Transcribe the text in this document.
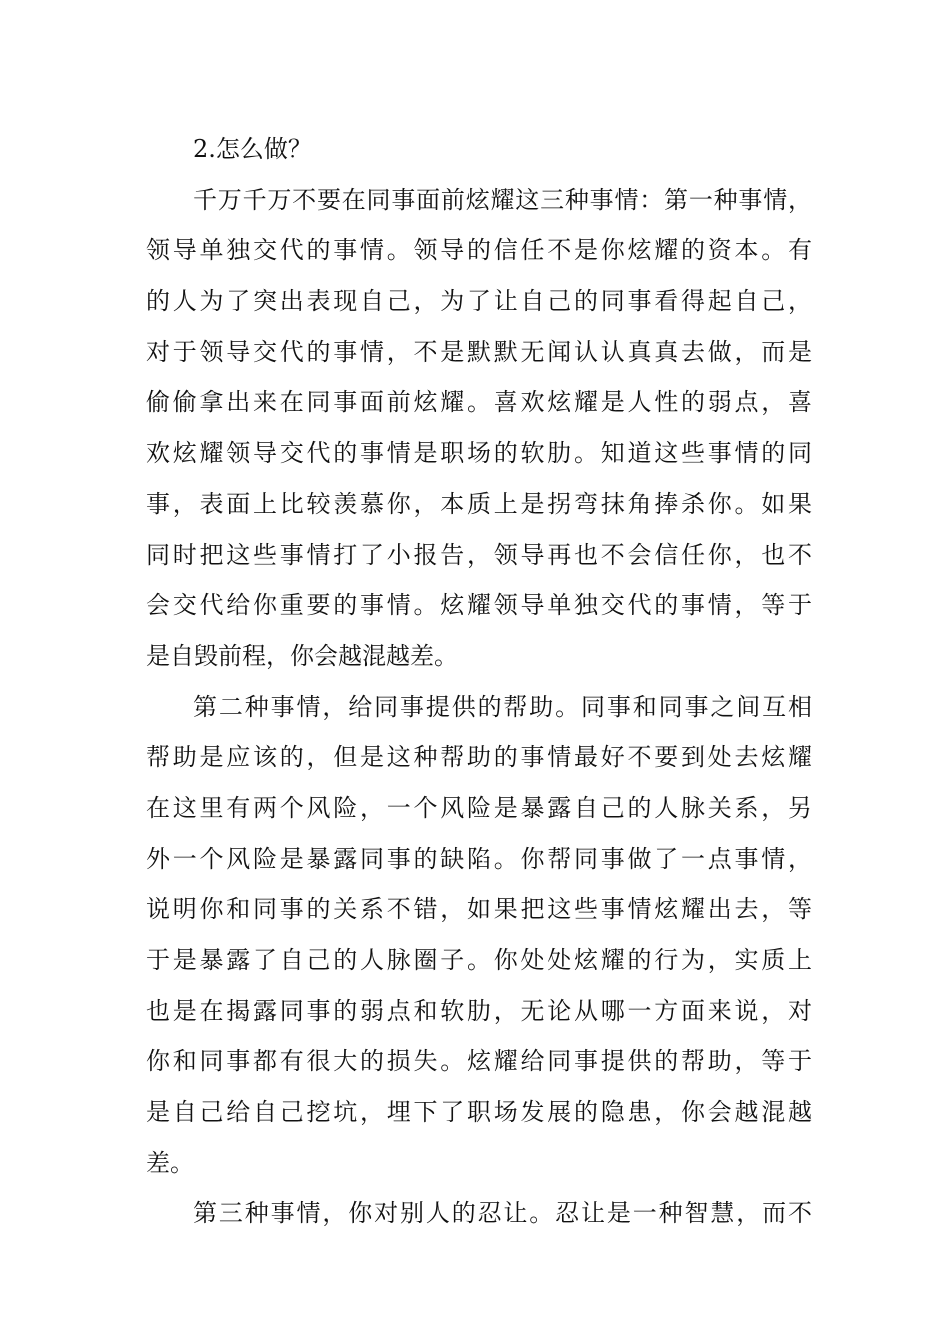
2.怎么做？
千万千万不要在同事面前炫耀这三种事情：第一种事情，
领导单独交代的事情。领导的信任不是你炫耀的资本。有
的人为了突出表现自己，为了让自己的同事看得起自己，
对于领导交代的事情，不是默默无闻认认真真去做，而是
偷偷拿出来在同事面前炫耀。喜欢炫耀是人性的弱点，喜
欢炫耀领导交代的事情是职场的软肋。知道这些事情的同
事，表面上比较羡慕你，本质上是拐弯抹角捧杀你。如果
同时把这些事情打了小报告，领导再也不会信任你，也不
会交代给你重要的事情。炫耀领导单独交代的事情，等于
是自毁前程，你会越混越差。
第二种事情，给同事提供的帮助。同事和同事之间互相
帮助是应该的，但是这种帮助的事情最好不要到处去炫耀
在这里有两个风险，一个风险是暴露自己的人脉关系，另
外一个风险是暴露同事的缺陷。你帮同事做了一点事情，
说明你和同事的关系不错，如果把这些事情炫耀出去，等
于是暴露了自己的人脉圈子。你处处炫耀的行为，实质上
也是在揭露同事的弱点和软肋，无论从哪一方面来说，对
你和同事都有很大的损失。炫耀给同事提供的帮助，等于
是自己给自己挖坑，埋下了职场发展的隐患，你会越混越
差。
第三种事情，你对别人的忍让。忍让是一种智慧，而不
